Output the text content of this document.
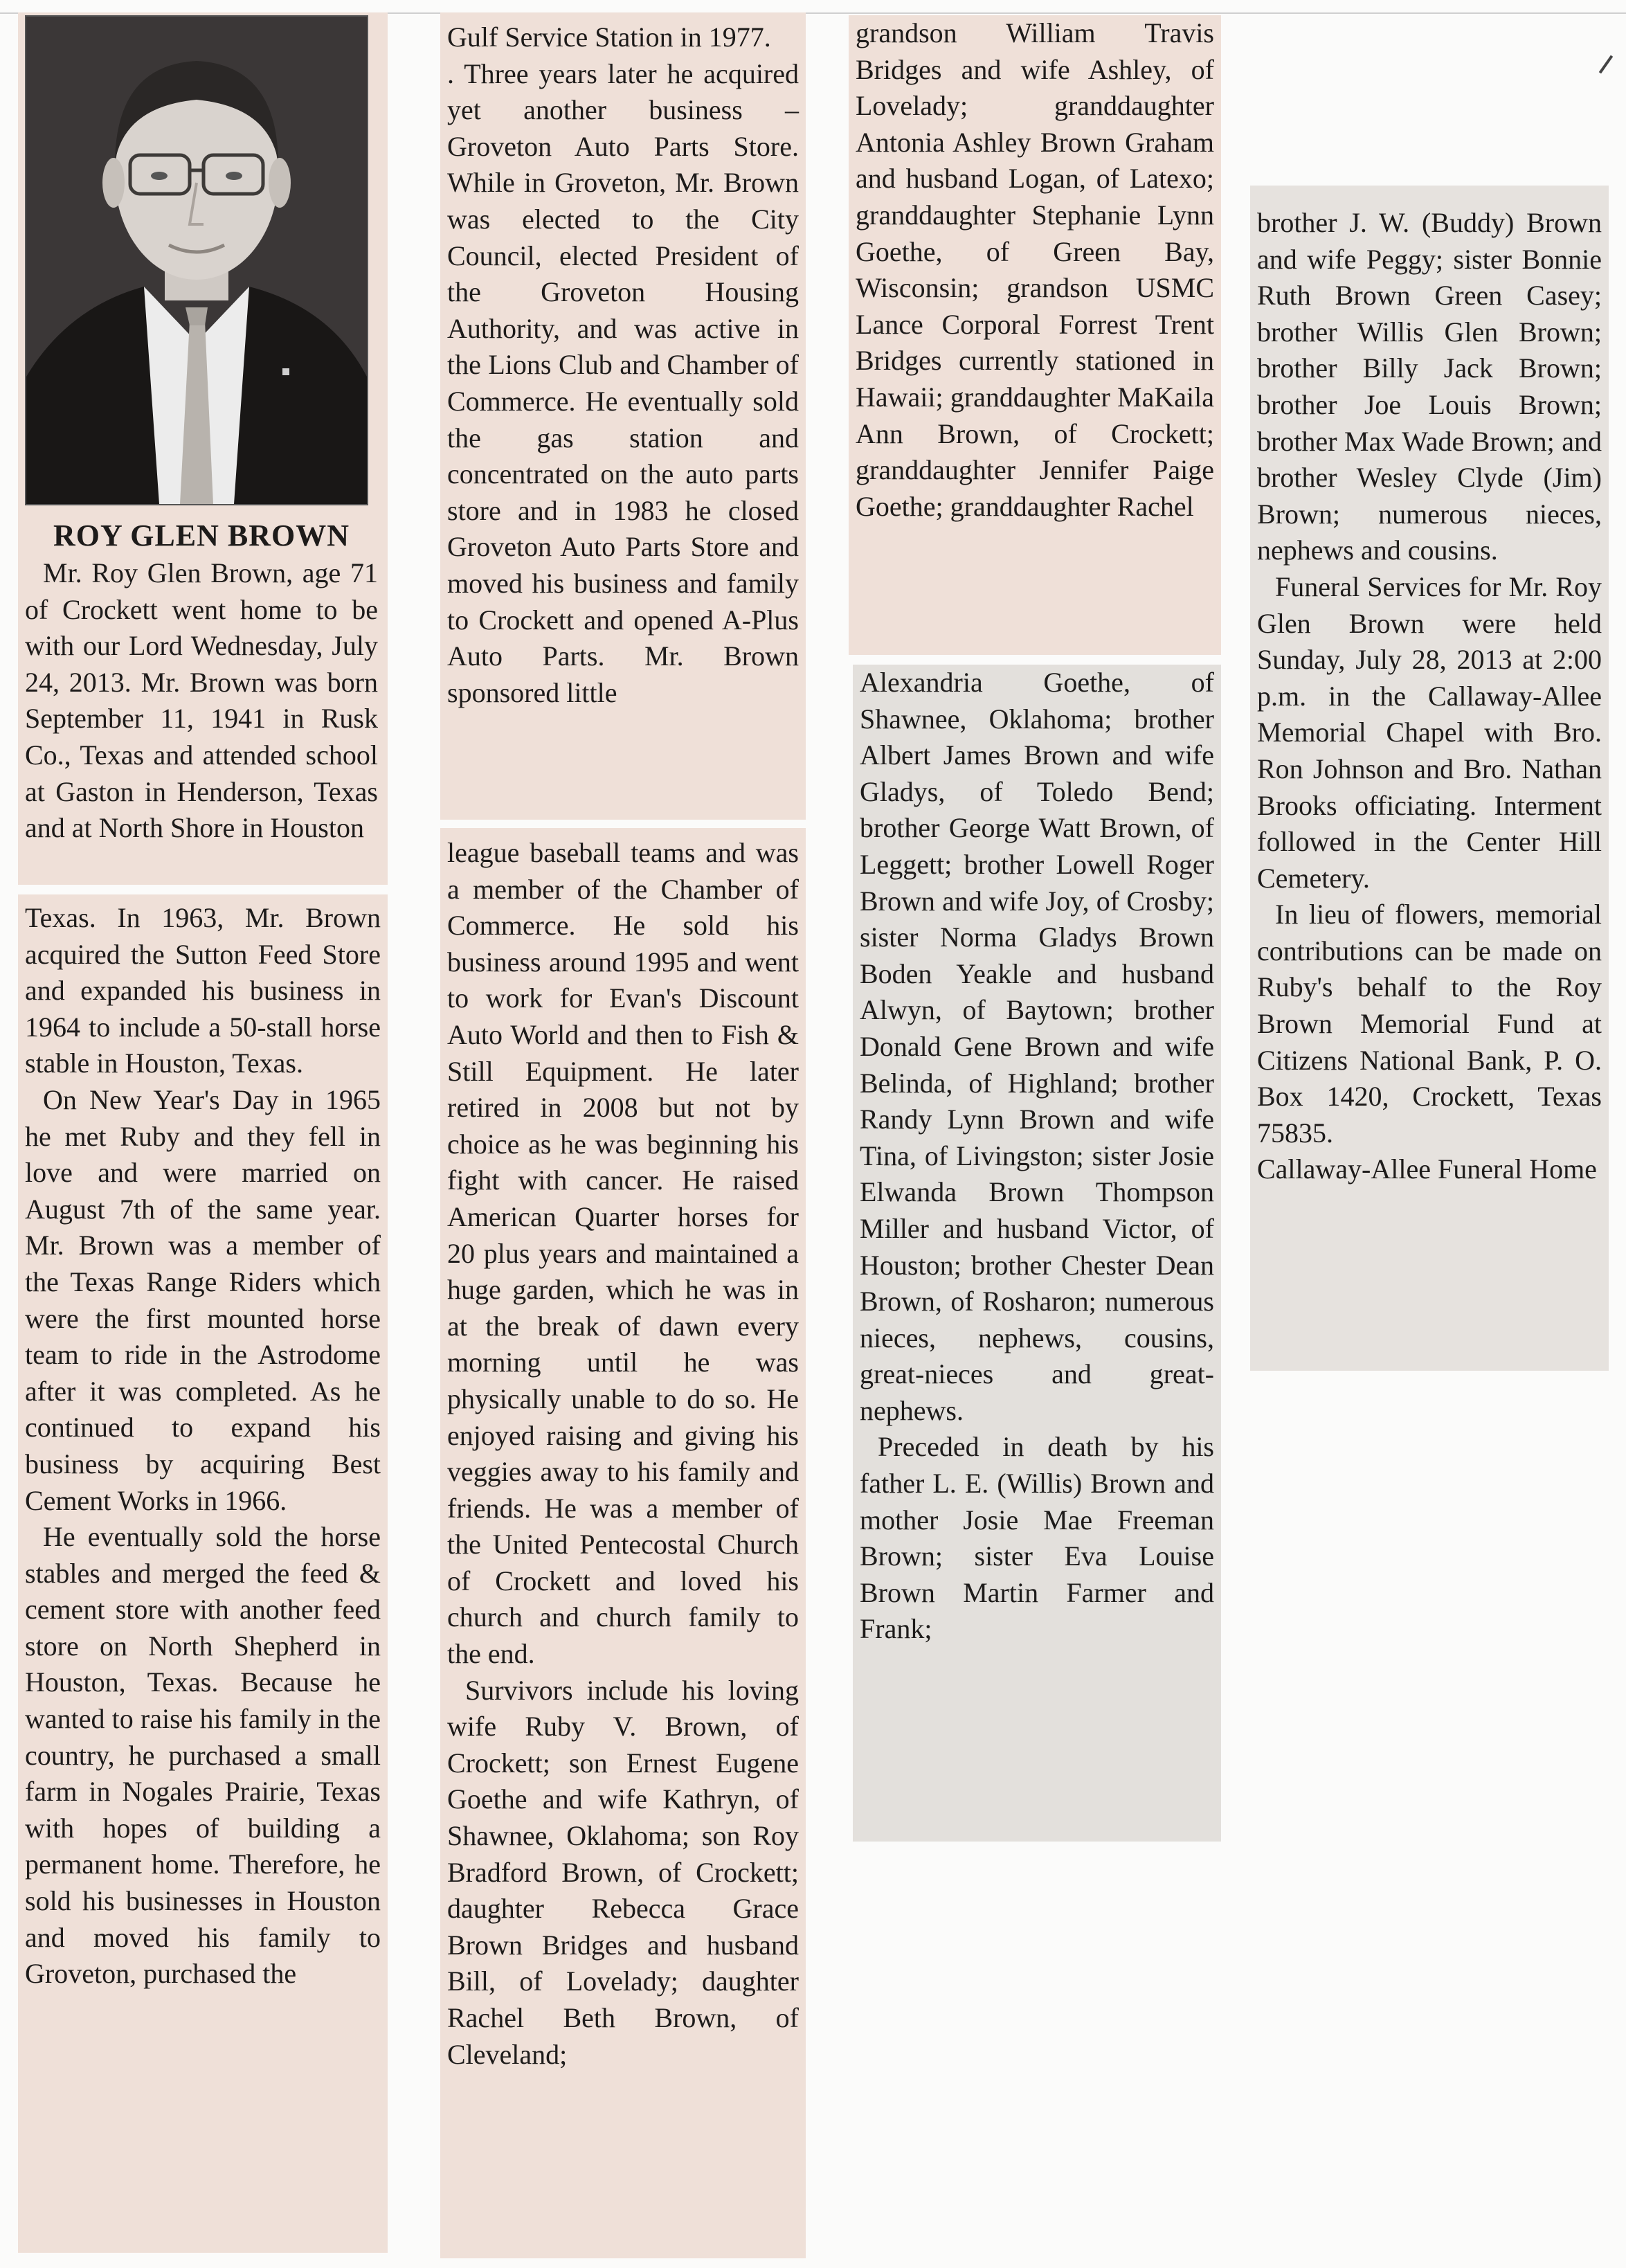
ROY GLEN BROWN

Mr. Roy Glen Brown, age 71 of Crockett went home to be with our Lord Wednesday, July 24, 2013. Mr. Brown was born September 11, 1941 in Rusk Co., Texas and attended school at Gaston in Henderson, Texas and at North Shore in Houston

Texas. In 1963, Mr. Brown acquired the Sutton Feed Store and expanded his business in 1964 to include a 50-stall horse stable in Houston, Texas.

On New Year's Day in 1965 he met Ruby and they fell in love and were married on August 7th of the same year. Mr. Brown was a member of the Texas Range Riders which were the first mounted horse team to ride in the Astrodome after it was completed. As he continued to expand his business by acquiring Best Cement Works in 1966.

He eventually sold the horse stables and merged the feed & cement store with another feed store on North Shepherd in Houston, Texas. Because he wanted to raise his family in the country, he purchased a small farm in Nogales Prairie, Texas with hopes of building a permanent home. Therefore, he sold his businesses in Houston and moved his family to Groveton, purchased the

Gulf Service Station in 1977.

. Three years later he acquired yet another business – Groveton Auto Parts Store. While in Groveton, Mr. Brown was elected to the City Council, elected President of the Groveton Housing Authority, and was active in the Lions Club and Chamber of Commerce. He eventually sold the gas station and concentrated on the auto parts store and in 1983 he closed Groveton Auto Parts Store and moved his business and family to Crockett and opened A-Plus Auto Parts. Mr. Brown sponsored little

league baseball teams and was a member of the Chamber of Commerce. He sold his business around 1995 and went to work for Evan's Discount Auto World and then to Fish & Still Equipment. He later retired in 2008 but not by choice as he was beginning his fight with cancer. He raised American Quarter horses for 20 plus years and maintained a huge garden, which he was in at the break of dawn every morning until he was physically unable to do so. He enjoyed raising and giving his veggies away to his family and friends. He was a member of the United Pentecostal Church of Crockett and loved his church and church family to the end.

Survivors include his loving wife Ruby V. Brown, of Crockett; son Ernest Eugene Goethe and wife Kathryn, of Shawnee, Oklahoma; son Roy Bradford Brown, of Crockett; daughter Rebecca Grace Brown Bridges and husband Bill, of Lovelady; daughter Rachel Beth Brown, of Cleveland;

grandson William Travis Bridges and wife Ashley, of Lovelady; granddaughter Antonia Ashley Brown Graham and husband Logan, of Latexo; granddaughter Stephanie Lynn Goethe, of Green Bay, Wisconsin; grandson USMC Lance Corporal Forrest Trent Bridges currently stationed in Hawaii; granddaughter MaKaila Ann Brown, of Crockett; granddaughter Jennifer Paige Goethe; granddaughter Rachel

Alexandria Goethe, of Shawnee, Oklahoma; brother Albert James Brown and wife Gladys, of Toledo Bend; brother George Watt Brown, of Leggett; brother Lowell Roger Brown and wife Joy, of Crosby; sister Norma Gladys Brown Boden Yeakle and husband Alwyn, of Baytown; brother Donald Gene Brown and wife Belinda, of Highland; brother Randy Lynn Brown and wife Tina, of Livingston; sister Josie Elwanda Brown Thompson Miller and husband Victor, of Houston; brother Chester Dean Brown, of Rosharon; numerous nieces, nephews, cousins, great-nieces and great-nephews.

Preceded in death by his father L. E. (Willis) Brown and mother Josie Mae Freeman Brown; sister Eva Louise Brown Martin Farmer and Frank;

brother J. W. (Buddy) Brown and wife Peggy; sister Bonnie Ruth Brown Green Casey; brother Willis Glen Brown; brother Billy Jack Brown; brother Joe Louis Brown; brother Max Wade Brown; and brother Wesley Clyde (Jim) Brown; numerous nieces, nephews and cousins.

Funeral Services for Mr. Roy Glen Brown were held Sunday, July 28, 2013 at 2:00 p.m. in the Callaway-Allee Memorial Chapel with Bro. Ron Johnson and Bro. Nathan Brooks officiating. Interment followed in the Center Hill Cemetery.

In lieu of flowers, memorial contributions can be made on Ruby's behalf to the Roy Brown Memorial Fund at Citizens National Bank, P. O. Box 1420, Crockett, Texas 75835.

Callaway-Allee Funeral Home
